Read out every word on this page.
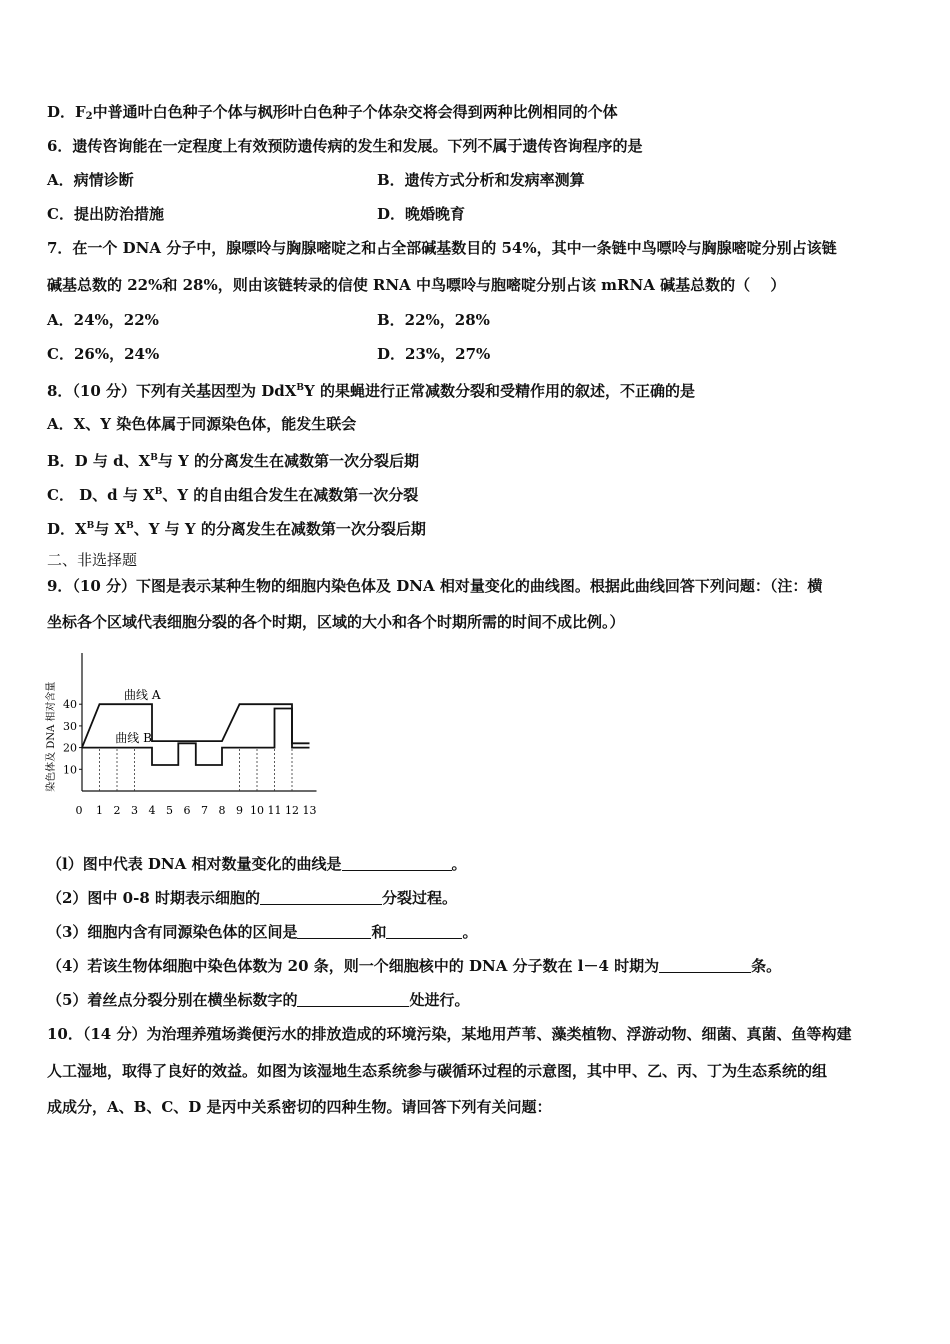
D．$F_2$中普通叶白色种子个体与枫形叶白色种子个体杂交将会得到两种比例相同的个体
6．遗传咨询能在一定程度上有效预防遗传病的发生和发展。下列不属于遗传咨询程序的是
A．病情诊断	B．遗传方式分析和发病率测算
C．提出防治措施	D．晚婚晚育
7．在一个 DNA 分子中，腺嘌呤与胸腺嘧啶之和占全部碱基数目的 54%，其中一条链中鸟嘌呤与胸腺嘧啶分别占该链
碱基总数的 22%和 28%，则由该链转录的信使 RNA 中鸟嘌呤与胞嘧啶分别占该 mRNA 碱基总数的（　 ）
A．24%，22%	B．22%，28%
C．26%，24%	D．23%，27%
8．（10 分）下列有关基因型为 DdX$^B$Y 的果蝇进行正常减数分裂和受精作用的叙述，不正确的是
A．X、Y 染色体属于同源染色体，能发生联会
B．D 与 d、$X^B$与 Y 的分离发生在减数第一次分裂后期
C． D、d 与 $X^B$、Y 的自由组合发生在减数第一次分裂
D．$X^B$与 $X^B$、Y 与 Y 的分离发生在减数第一次分裂后期
二、非选择题
9．（10 分）下图是表示某种生物的细胞内染色体及 DNA 相对量变化的曲线图。根据此曲线回答下列问题：（注：横
坐标各个区域代表细胞分裂的各个时期，区域的大小和各个时期所需的时间不成比例。）
10
20
30
40
0 1 2 3 4 5 6 7 8 9 10 11 12 13
染色体及 DNA 相对含量	曲线 A
曲线 B
（l）图中代表 DNA 相对数量变化的曲线是	。
（2）图中 0-8 时期表示细胞的	分裂过程。
（3）细胞内含有同源染色体的区间是	和	。
（4）若该生物体细胞中染色体数为 20 条，则一个细胞核中的 DNA 分子数在 l－4 时期为	条。
（5）着丝点分裂分别在横坐标数字的	处进行。
10．（14 分）为治理养殖场粪便污水的排放造成的环境污染，某地用芦苇、藻类植物、浮游动物、细菌、真菌、鱼等构建
人工湿地，取得了良好的效益。如图为该湿地生态系统参与碳循环过程的示意图，其中甲、乙、丙、丁为生态系统的组
成成分，A、B、C、D 是丙中关系密切的四种生物。请回答下列有关问题：
